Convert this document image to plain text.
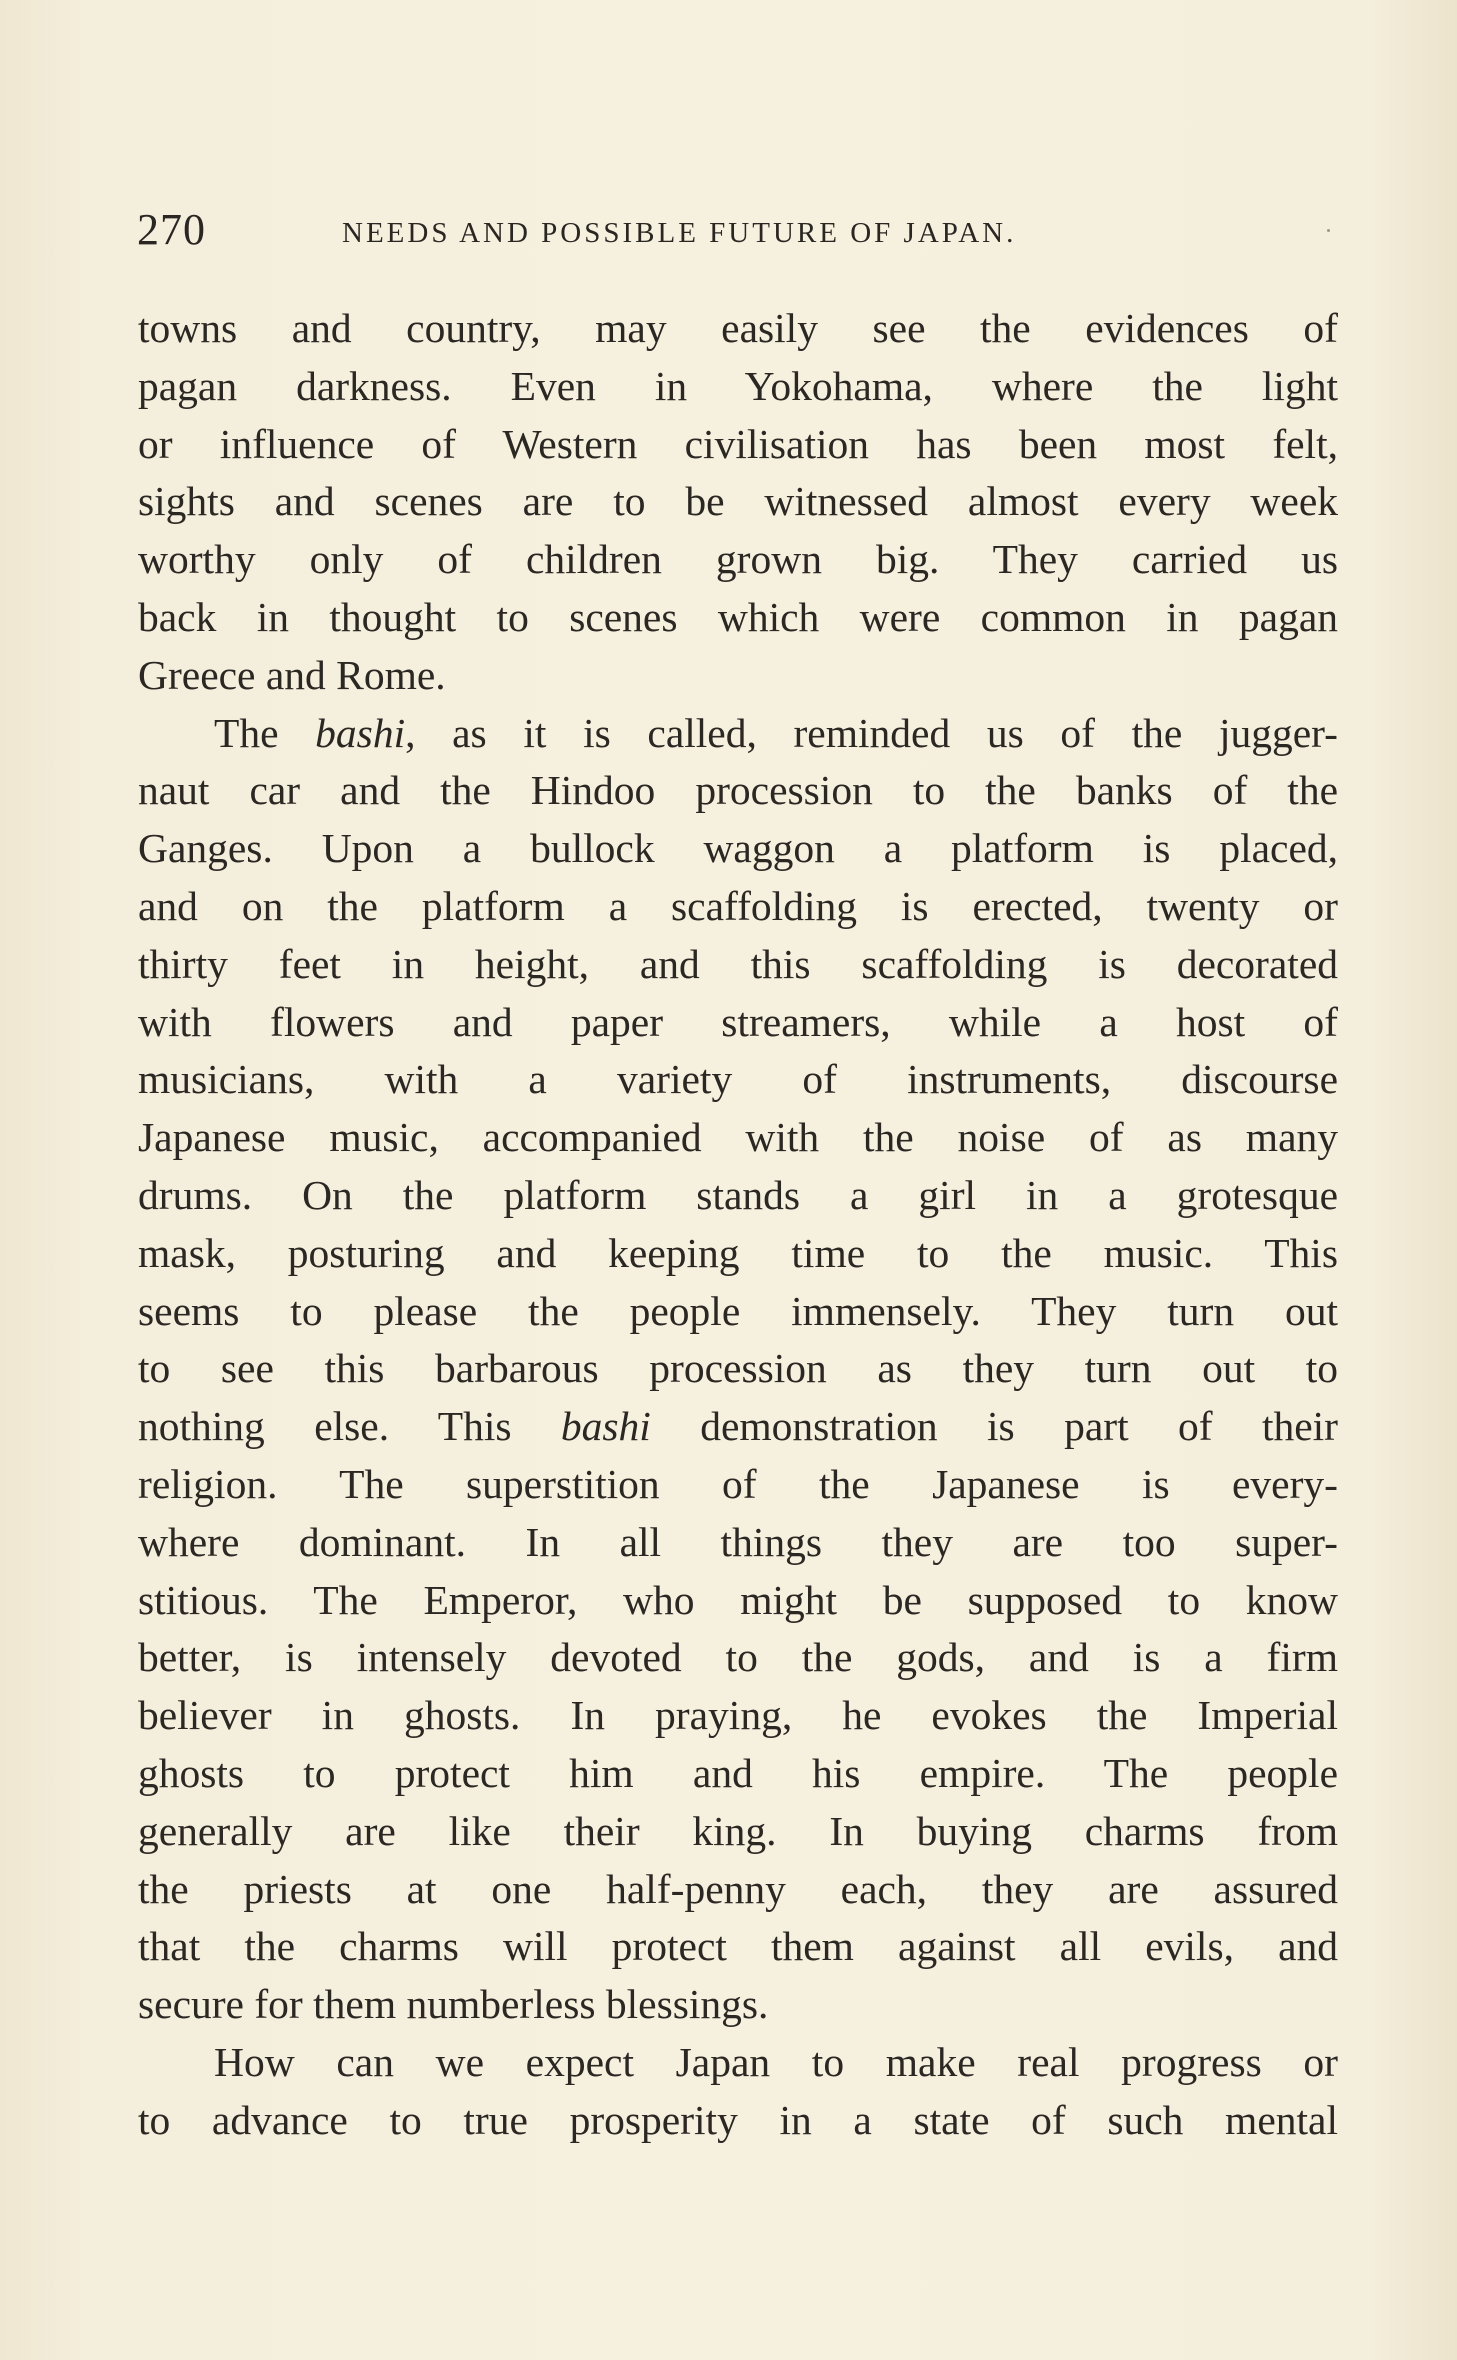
270	NEEDS AND POSSIBLE FUTURE OF JAPAN.
towns and country, may easily see the evidences of
pagan darkness. Even in Yokohama, where the light
or influence of Western civilisation has been most felt,
sights and scenes are to be witnessed almost every week
worthy only of children grown big. They carried us
back in thought to scenes which were common in pagan
Greece and Rome.
The bashi, as it is called, reminded us of the jugger-
naut car and the Hindoo procession to the banks of the
Ganges. Upon a bullock waggon a platform is placed,
and on the platform a scaffolding is erected, twenty or
thirty feet in height, and this scaffolding is decorated
with flowers and paper streamers, while a host of
musicians, with a variety of instruments, discourse
Japanese music, accompanied with the noise of as many
drums. On the platform stands a girl in a grotesque
mask, posturing and keeping time to the music. This
seems to please the people immensely. They turn out
to see this barbarous procession as they turn out to
nothing else. This bashi demonstration is part of their
religion. The superstition of the Japanese is every-
where dominant. In all things they are too super-
stitious. The Emperor, who might be supposed to know
better, is intensely devoted to the gods, and is a firm
believer in ghosts. In praying, he evokes the Imperial
ghosts to protect him and his empire. The people
generally are like their king. In buying charms from
the priests at one half-penny each, they are assured
that the charms will protect them against all evils, and
secure for them numberless blessings.
How can we expect Japan to make real progress or
to advance to true prosperity in a state of such mental
